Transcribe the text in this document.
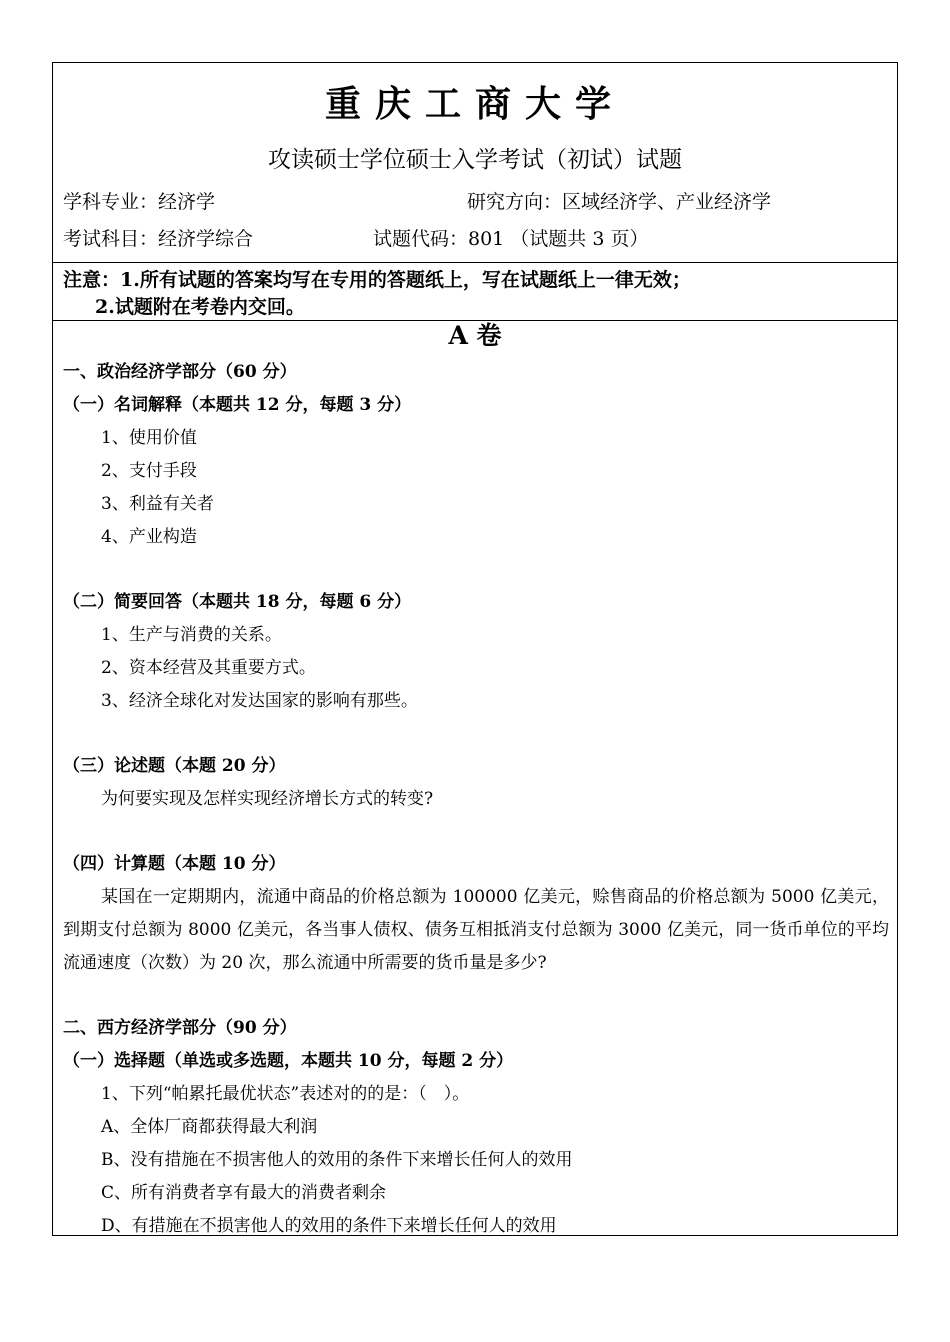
重庆工商大学
攻读硕士学位硕士入学考试（初试）试题
学科专业：经济学	研究方向：区域经济学、产业经济学
考试科目：经济学综合	试题代码：801 （试题共 3 页）
注意：1.所有试题的答案均写在专用的答题纸上，写在试题纸上一律无效；
2.试题附在考卷内交回。
A 卷
一、政治经济学部分（60 分）
（一）名词解释（本题共 12 分，每题 3 分）
1、使用价值
2、支付手段
3、利益有关者
4、产业构造
（二）简要回答（本题共 18 分，每题 6 分）
1、生产与消费的关系。
2、资本经营及其重要方式。
3、经济全球化对发达国家的影响有那些。
（三）论述题（本题 20 分）
为何要实现及怎样实现经济增长方式的转变?
（四）计算题（本题 10 分）
某国在一定期期内，流通中商品的价格总额为 100000 亿美元，赊售商品的价格总额为 5000 亿美元，到期支付总额为 8000 亿美元，各当事人债权、债务互相抵消支付总额为 3000 亿美元，同一货币单位的平均流通速度（次数）为 20 次，那么流通中所需要的货币量是多少?
二、西方经济学部分（90 分）
（一）选择题（单选或多选题，本题共 10 分，每题 2 分）
1、下列“帕累托最优状态”表述对的的是：（　）。
A、全体厂商都获得最大利润
B、没有措施在不损害他人的效用的条件下来增长任何人的效用
C、所有消费者享有最大的消费者剩余
D、有措施在不损害他人的效用的条件下来增长任何人的效用
